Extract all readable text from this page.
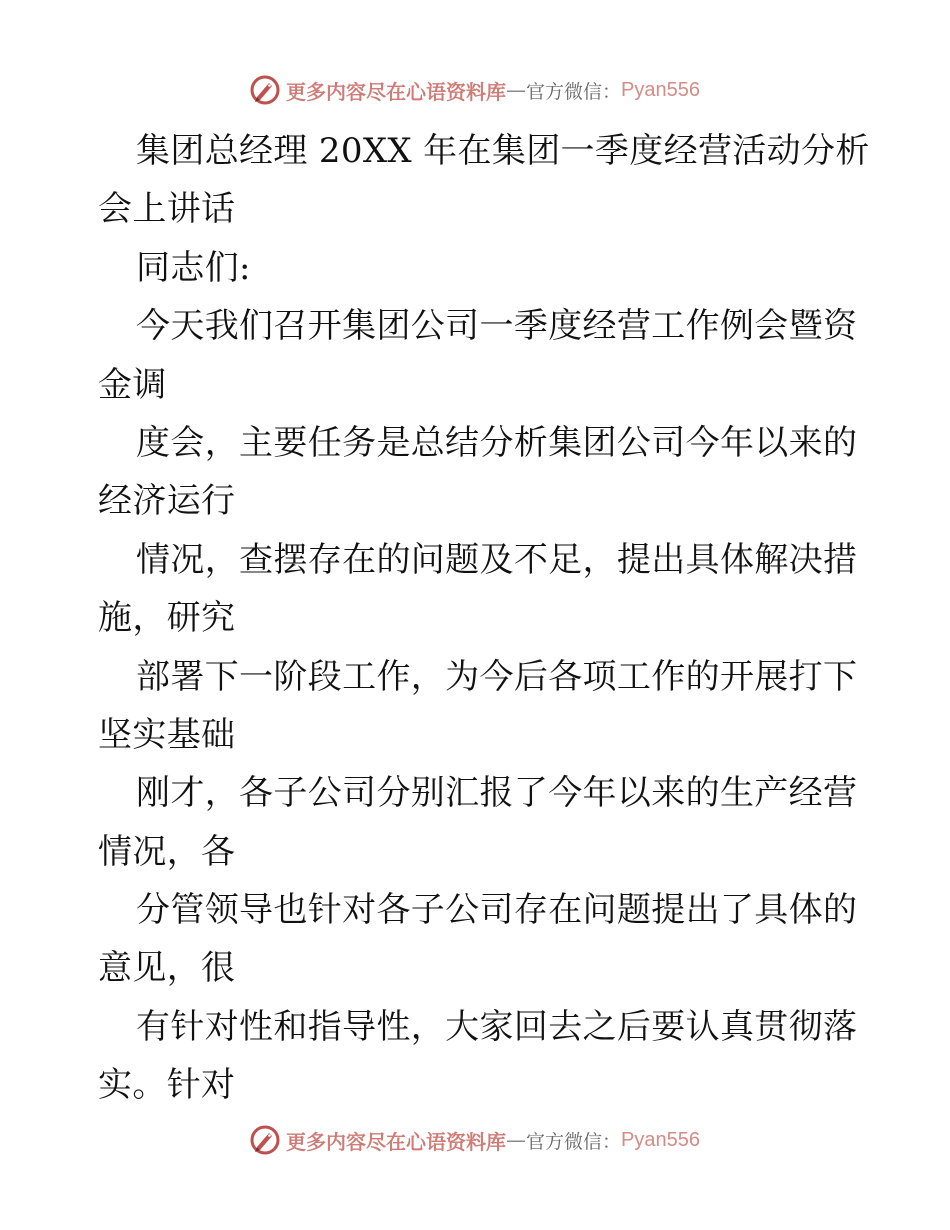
更多内容尽在心语资料库 — 官方微信： Pyan556
集团总经理 20XX 年在集团一季度经营活动分析
会上讲话
同志们:
今天我们召开集团公司一季度经营工作例会暨资
金调
度会，主要任务是总结分析集团公司今年以来的
经济运行
情况，查摆存在的问题及不足，提出具体解决措
施，研究
部署下一阶段工作，为今后各项工作的开展打下
坚实基础
刚才，各子公司分别汇报了今年以来的生产经营
情况，各
分管领导也针对各子公司存在问题提出了具体的
意见，很
有针对性和指导性，大家回去之后要认真贯彻落
实。针对
更多内容尽在心语资料库 — 官方微信： Pyan556
